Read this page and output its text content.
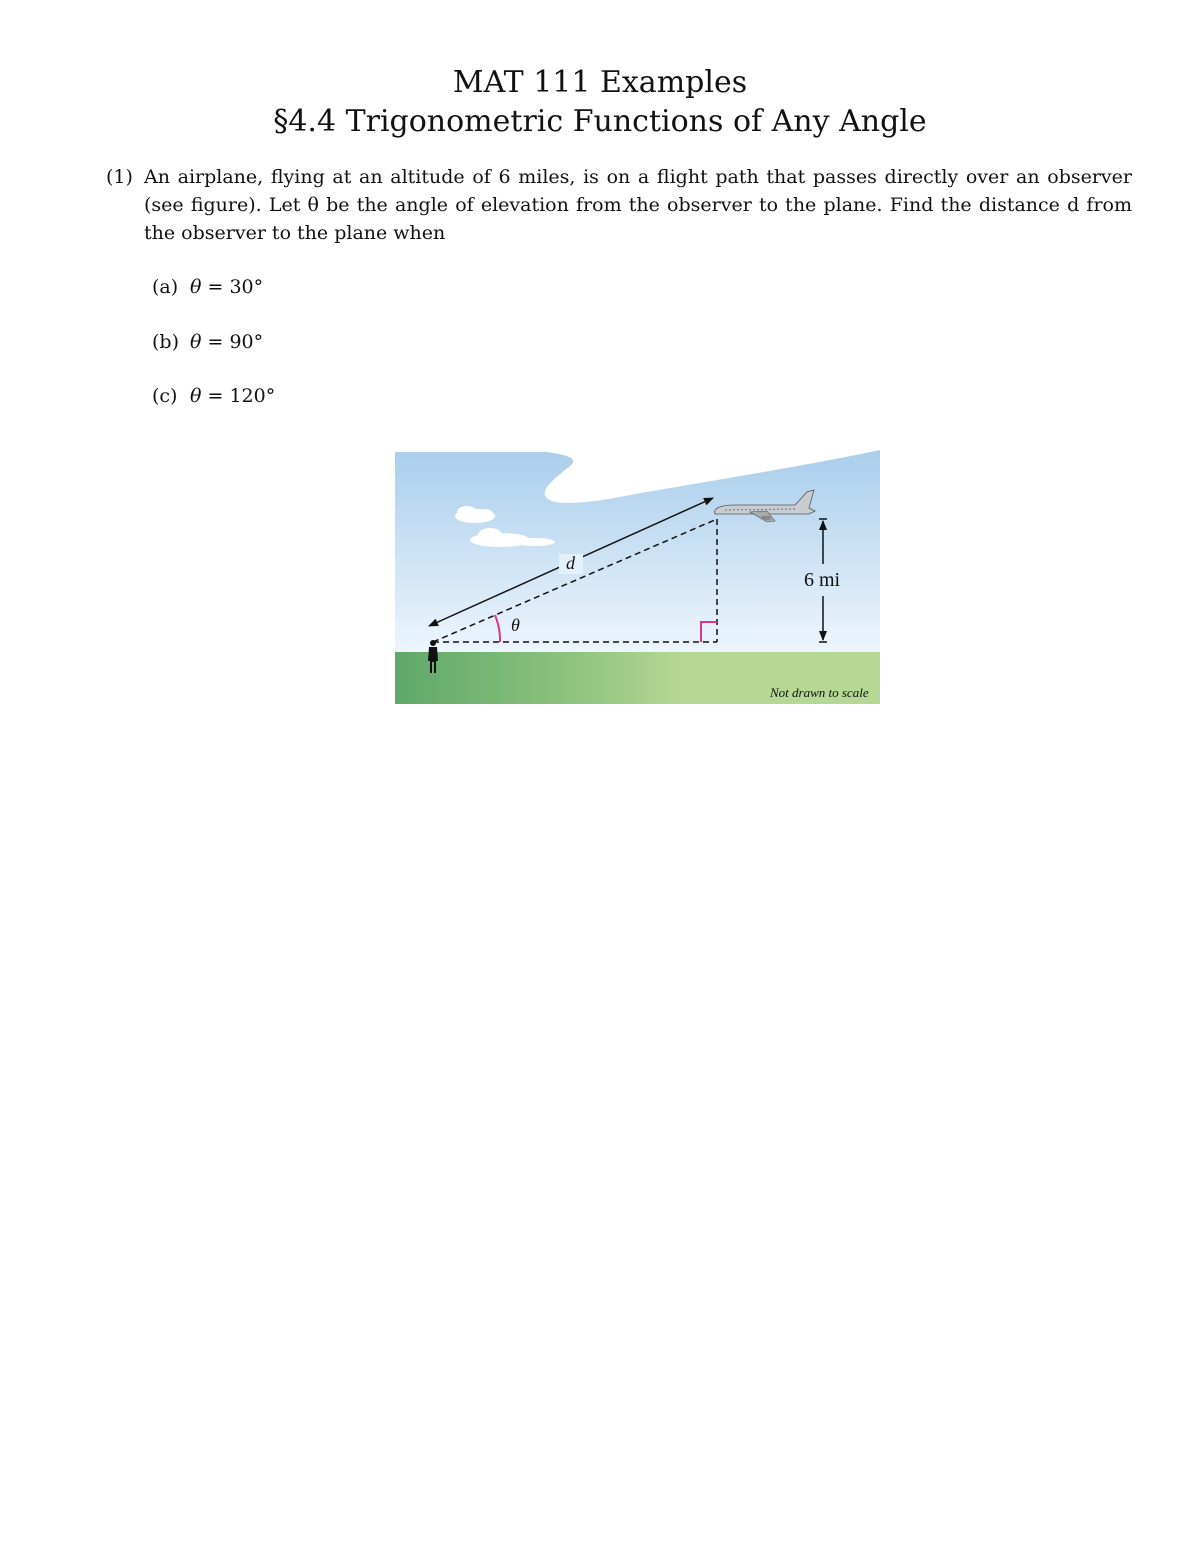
MAT 111 Examples
§4.4 Trigonometric Functions of Any Angle
(1) An airplane, flying at an altitude of 6 miles, is on a flight path that passes directly over an observer (see figure). Let θ be the angle of elevation from the observer to the plane. Find the distance d from the observer to the plane when
(a) θ = 30°
(b) θ = 90°
(c) θ = 120°
θ
d
6 mi
Not drawn to scale
